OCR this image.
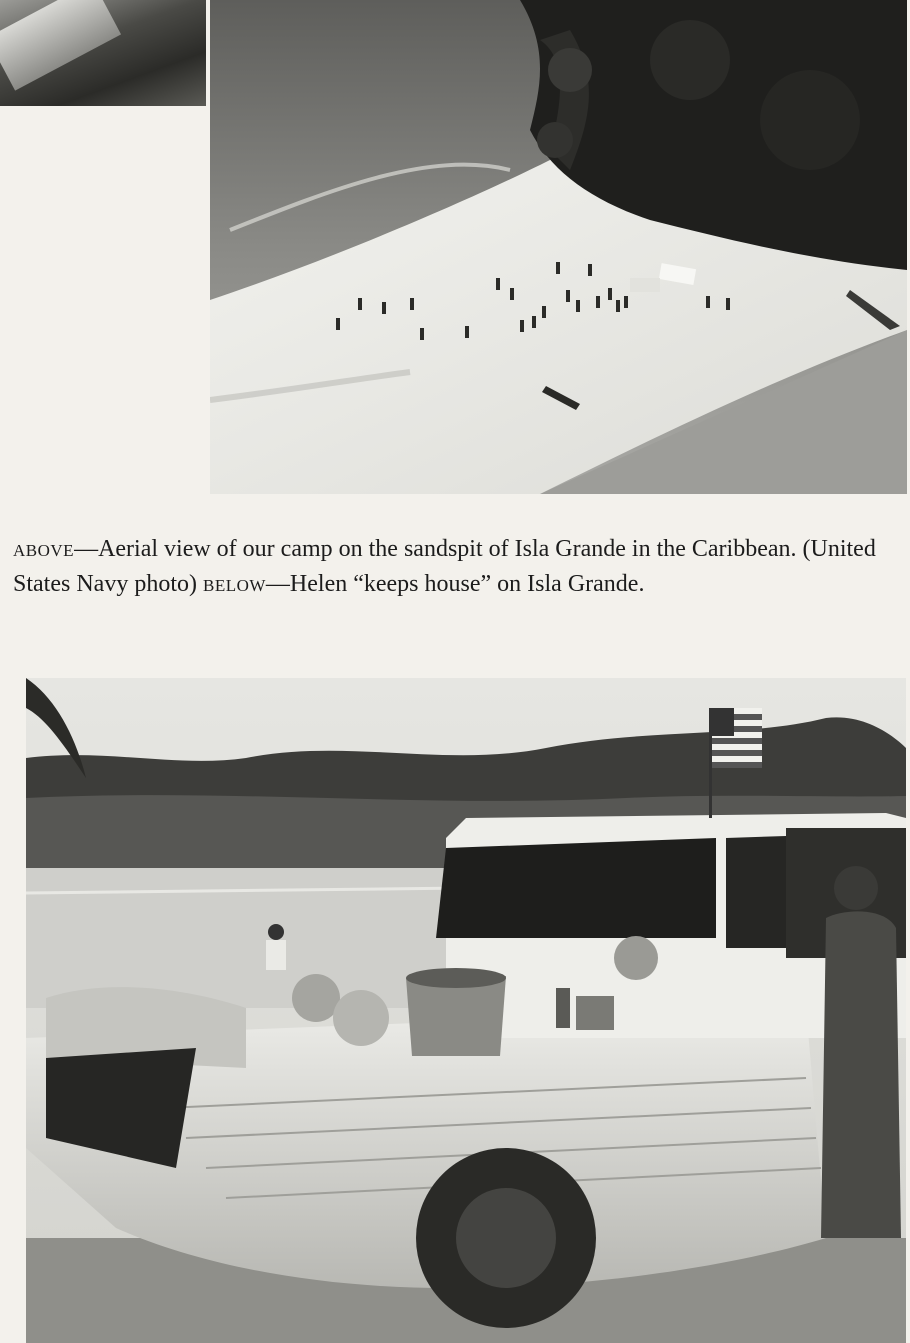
above—Aerial view of our camp on the sandspit of Isla Grande in the Caribbean. (United States Navy photo) below—Helen “keeps house” on Isla Grande.
